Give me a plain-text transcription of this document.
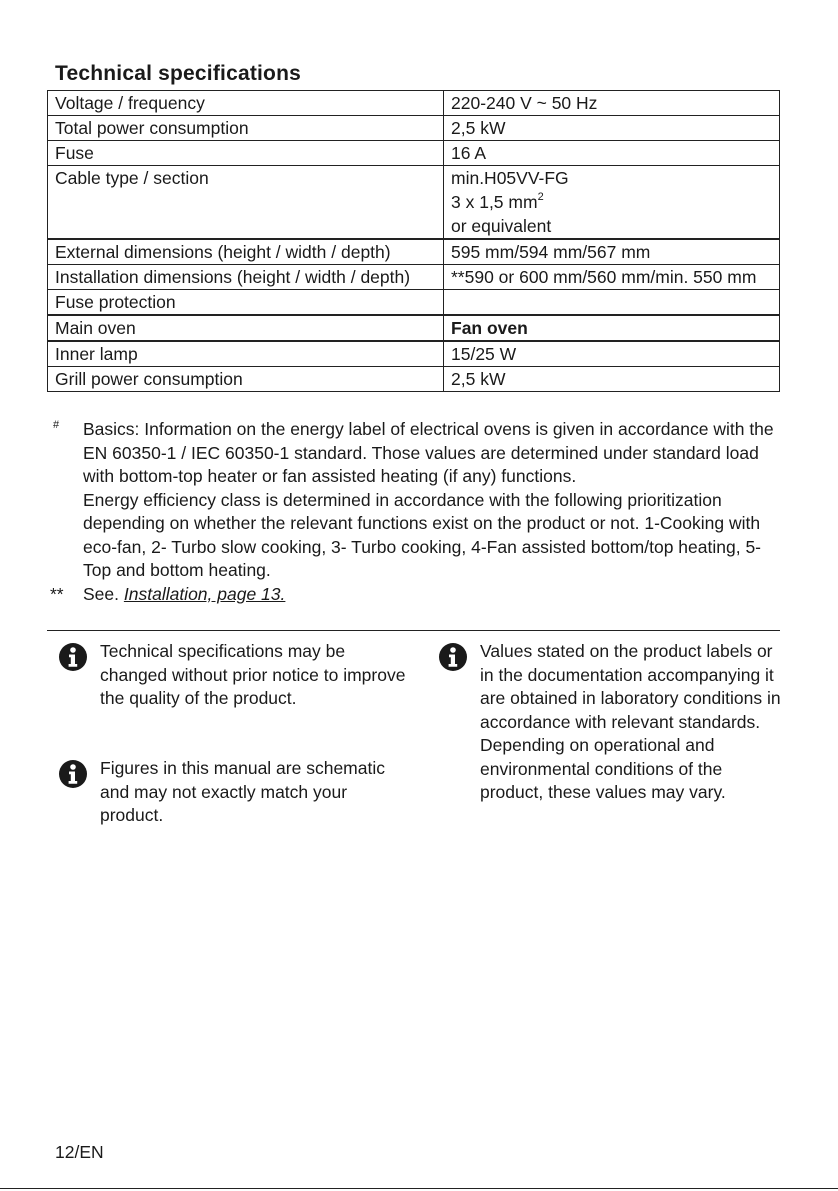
Technical specifications
Voltage / frequency	220-240 V ~ 50 Hz
Total power consumption	2,5 kW
Fuse	16 A
Cable type / section	min.H05VV-FG
3 x 1,5 $mm^2$
or equivalent

External dimensions (height / width / depth)	595 mm/594 mm/567 mm
Installation dimensions (height / width / depth)	**590 or 600 mm/560 mm/min. 550 mm
Fuse protection	
Main oven	Fan oven
Inner lamp	15/25 W
Grill power consumption	2,5 kW
#	Basics: Information on the energy label of electrical ovens is given in accordance with the EN 60350-1 / IEC 60350-1 standard. Those values are determined under standard load with bottom-top heater or fan assisted heating (if any) functions.

Energy efficiency class is determined in accordance with the following prioritization depending on whether the relevant functions exist on the product or not. 1-Cooking with eco-fan, 2- Turbo slow cooking, 3- Turbo cooking, 4-Fan assisted bottom/top heating, 5-Top and bottom heating.

**	See. Installation, page 13.
Technical specifications may be changed without prior notice to improve the quality of the product.
Figures in this manual are schematic and may not exactly match your product.
Values stated on the product labels or in the documentation accompanying it are obtained in laboratory conditions in accordance with relevant standards. Depending on operational and environmental conditions of the product, these values may vary.
12/EN
